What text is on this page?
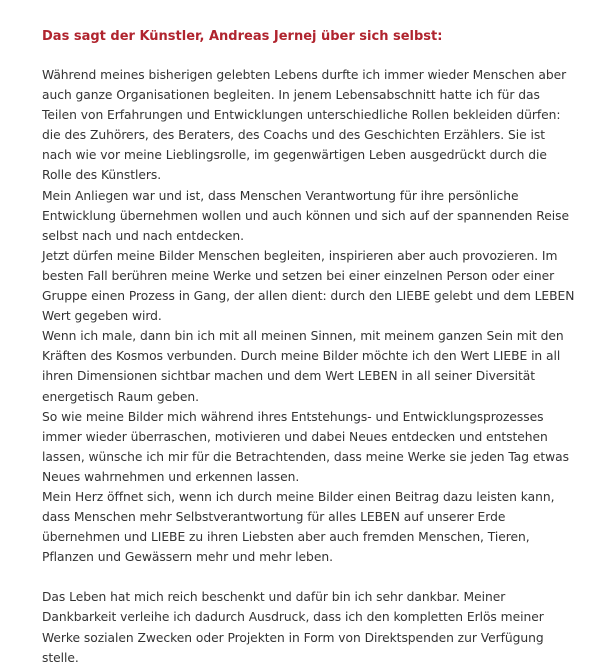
Das sagt der Künstler, Andreas Jernej über sich selbst:

Während meines bisherigen gelebten Lebens durfte ich immer wieder Menschen aber auch ganze Organisationen begleiten. In jenem Lebensabschnitt hatte ich für das Teilen von Erfahrungen und Entwicklungen unterschiedliche Rollen bekleiden dürfen: die des Zuhörers, des Beraters, des Coachs und des Geschichten Erzählers. Sie ist nach wie vor meine Lieblingsrolle, im gegenwärtigen Leben ausgedrückt durch die Rolle des Künstlers.

Mein Anliegen war und ist, dass Menschen Verantwortung für ihre persönliche Entwicklung übernehmen wollen und auch können und sich auf der spannenden Reise selbst nach und nach entdecken.

Jetzt dürfen meine Bilder Menschen begleiten, inspirieren aber auch provozieren. Im besten Fall berühren meine Werke und setzen bei einer einzelnen Person oder einer Gruppe einen Prozess in Gang, der allen dient: durch den LIEBE gelebt und dem LEBEN Wert gegeben wird.

Wenn ich male, dann bin ich mit all meinen Sinnen, mit meinem ganzen Sein mit den Kräften des Kosmos verbunden. Durch meine Bilder möchte ich den Wert LIEBE in all ihren Dimensionen sichtbar machen und dem Wert LEBEN in all seiner Diversität energetisch Raum geben.

So wie meine Bilder mich während ihres Entstehungs- und Entwicklungsprozesses immer wieder überraschen, motivieren und dabei Neues entdecken und entstehen lassen, wünsche ich mir für die Betrachtenden, dass meine Werke sie jeden Tag etwas Neues wahrnehmen und erkennen lassen.

Mein Herz öffnet sich, wenn ich durch meine Bilder einen Beitrag dazu leisten kann, dass Menschen mehr Selbstverantwortung für alles LEBEN auf unserer Erde übernehmen und LIEBE zu ihren Liebsten aber auch fremden Menschen, Tieren, Pflanzen und Gewässern mehr und mehr leben.

Das Leben hat mich reich beschenkt und dafür bin ich sehr dankbar. Meiner Dankbarkeit verleihe ich dadurch Ausdruck, dass ich den kompletten Erlös meiner Werke sozialen Zwecken oder Projekten in Form von Direktspenden zur Verfügung stelle.
